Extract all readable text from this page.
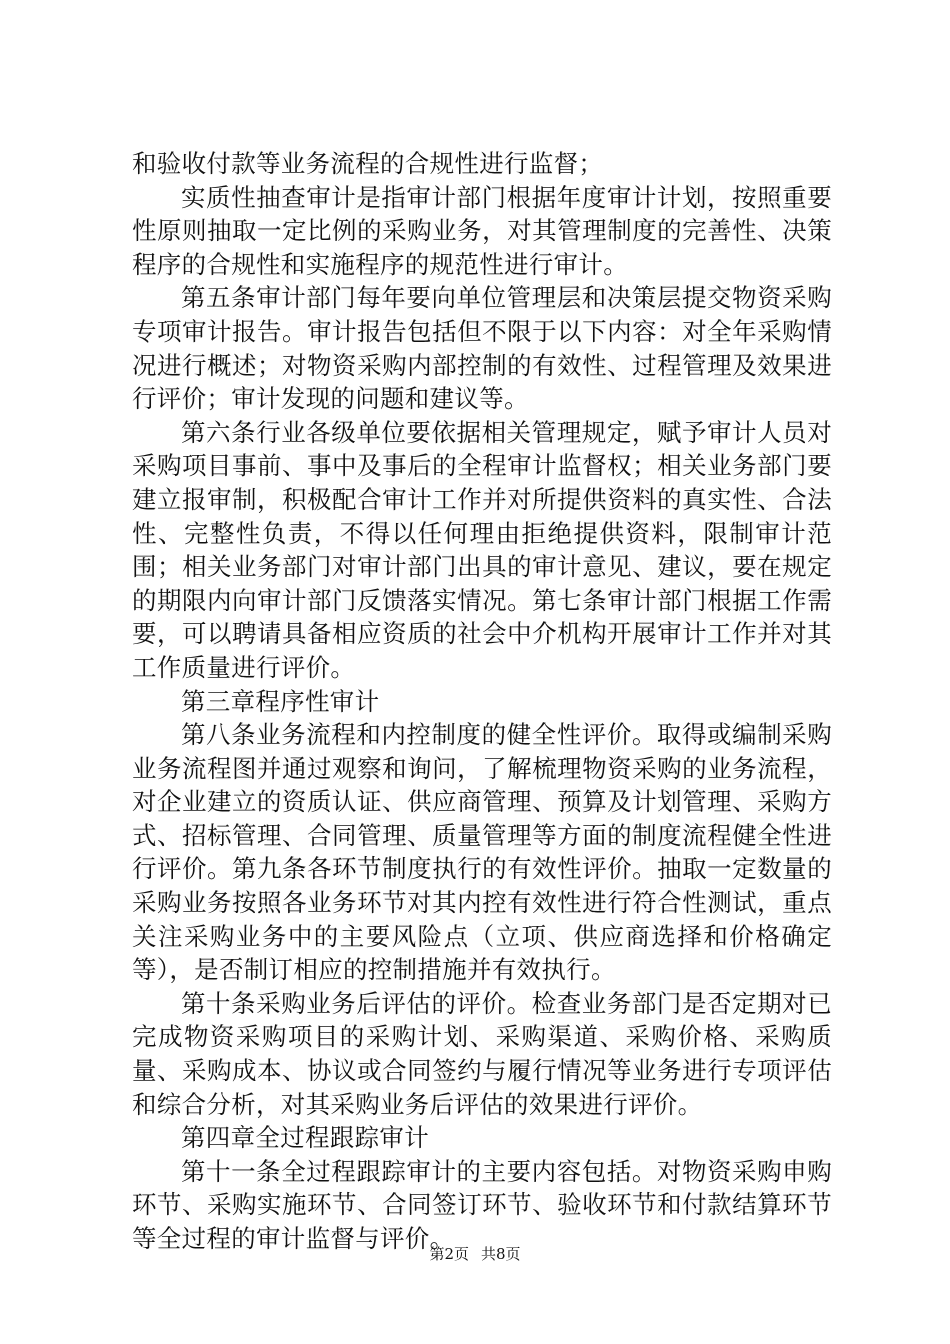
和验收付款等业务流程的合规性进行监督；

实质性抽查审计是指审计部门根据年度审计计划，按照重要性原则抽取一定比例的采购业务，对其管理制度的完善性、决策程序的合规性和实施程序的规范性进行审计。

第五条审计部门每年要向单位管理层和决策层提交物资采购专项审计报告。审计报告包括但不限于以下内容：对全年采购情况进行概述；对物资采购内部控制的有效性、过程管理及效果进行评价；审计发现的问题和建议等。

第六条行业各级单位要依据相关管理规定，赋予审计人员对采购项目事前、事中及事后的全程审计监督权；相关业务部门要建立报审制，积极配合审计工作并对所提供资料的真实性、合法性、完整性负责，不得以任何理由拒绝提供资料，限制审计范围；相关业务部门对审计部门出具的审计意见、建议，要在规定的期限内向审计部门反馈落实情况。第七条审计部门根据工作需要，可以聘请具备相应资质的社会中介机构开展审计工作并对其工作质量进行评价。

第三章程序性审计

第八条业务流程和内控制度的健全性评价。取得或编制采购业务流程图并通过观察和询问，了解梳理物资采购的业务流程，对企业建立的资质认证、供应商管理、预算及计划管理、采购方式、招标管理、合同管理、质量管理等方面的制度流程健全性进行评价。第九条各环节制度执行的有效性评价。抽取一定数量的采购业务按照各业务环节对其内控有效性进行符合性测试，重点关注采购业务中的主要风险点（立项、供应商选择和价格确定等），是否制订相应的控制措施并有效执行。

第十条采购业务后评估的评价。检查业务部门是否定期对已完成物资采购项目的采购计划、采购渠道、采购价格、采购质量、采购成本、协议或合同签约与履行情况等业务进行专项评估和综合分析，对其采购业务后评估的效果进行评价。

第四章全过程跟踪审计

第十一条全过程跟踪审计的主要内容包括。对物资采购申购环节、采购实施环节、合同签订环节、验收环节和付款结算环节等全过程的审计监督与评价。

第2页 共8页
